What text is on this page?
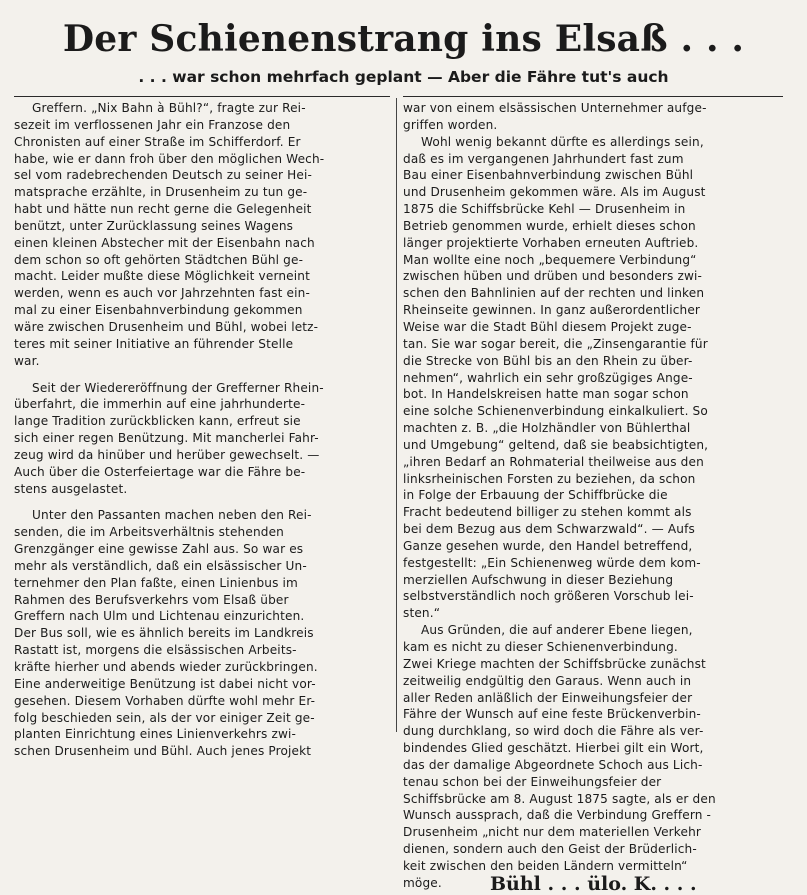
Der Schienenstrang ins Elsaß . . .
. . . war schon mehrfach geplant — Aber die Fähre tut's auch
Greffern. „Nix Bahn à Bühl?“, fragte zur Rei-
sezeit im verflossenen Jahr ein Franzose den
Chronisten auf einer Straße im Schifferdorf. Er
habe, wie er dann froh über den möglichen Wech-
sel vom radebrechenden Deutsch zu seiner Hei-
matsprache erzählte, in Drusenheim zu tun ge-
habt und hätte nun recht gerne die Gelegenheit
benützt, unter Zurücklassung seines Wagens
einen kleinen Abstecher mit der Eisenbahn nach
dem schon so oft gehörten Städtchen Bühl ge-
macht. Leider mußte diese Möglichkeit verneint
werden, wenn es auch vor Jahrzehnten fast ein-
mal zu einer Eisenbahnverbindung gekommen
wäre zwischen Drusenheim und Bühl, wobei letz-
teres mit seiner Initiative an führender Stelle
war.
Seit der Wiedereröffnung der Grefferner Rhein-
überfahrt, die immerhin auf eine jahrhunderte-
lange Tradition zurückblicken kann, erfreut sie
sich einer regen Benützung. Mit mancherlei Fahr-
zeug wird da hinüber und herüber gewechselt. —
Auch über die Osterfeiertage war die Fähre be-
stens ausgelastet.
Unter den Passanten machen neben den Rei-
senden, die im Arbeitsverhältnis stehenden
Grenzgänger eine gewisse Zahl aus. So war es
mehr als verständlich, daß ein elsässischer Un-
ternehmer den Plan faßte, einen Linienbus im
Rahmen des Berufsverkehrs vom Elsaß über
Greffern nach Ulm und Lichtenau einzurichten.
Der Bus soll, wie es ähnlich bereits im Landkreis
Rastatt ist, morgens die elsässischen Arbeits-
kräfte hierher und abends wieder zurückbringen.
Eine anderweitige Benützung ist dabei nicht vor-
gesehen. Diesem Vorhaben dürfte wohl mehr Er-
folg beschieden sein, als der vor einiger Zeit ge-
planten Einrichtung eines Linienverkehrs zwi-
schen Drusenheim und Bühl. Auch jenes Projekt
war von einem elsässischen Unternehmer aufge-
griffen worden.
Wohl wenig bekannt dürfte es allerdings sein,
daß es im vergangenen Jahrhundert fast zum
Bau einer Eisenbahnverbindung zwischen Bühl
und Drusenheim gekommen wäre. Als im August
1875 die Schiffsbrücke Kehl — Drusenheim in
Betrieb genommen wurde, erhielt dieses schon
länger projektierte Vorhaben erneuten Auftrieb.
Man wollte eine noch „bequemere Verbindung“
zwischen hüben und drüben und besonders zwi-
schen den Bahnlinien auf der rechten und linken
Rheinseite gewinnen. In ganz außerordentlicher
Weise war die Stadt Bühl diesem Projekt zuge-
tan. Sie war sogar bereit, die „Zinsengarantie für
die Strecke von Bühl bis an den Rhein zu über-
nehmen“, wahrlich ein sehr großzügiges Ange-
bot. In Handelskreisen hatte man sogar schon
eine solche Schienenverbindung einkalkuliert. So
machten z. B. „die Holzhändler von Bühlerthal
und Umgebung“ geltend, daß sie beabsichtigten,
„ihren Bedarf an Rohmaterial theilweise aus den
linksrheinischen Forsten zu beziehen, da schon
in Folge der Erbauung der Schiffbrücke die
Fracht bedeutend billiger zu stehen kommt als
bei dem Bezug aus dem Schwarzwald“. — Aufs
Ganze gesehen wurde, den Handel betreffend,
festgestellt: „Ein Schienenweg würde dem kom-
merziellen Aufschwung in dieser Beziehung
selbstverständlich noch größeren Vorschub lei-
sten.“
Aus Gründen, die auf anderer Ebene liegen,
kam es nicht zu dieser Schienenverbindung.
Zwei Kriege machten der Schiffsbrücke zunächst
zeitweilig endgültig den Garaus. Wenn auch in
aller Reden anläßlich der Einweihungsfeier der
Fähre der Wunsch auf eine feste Brückenverbin-
dung durchklang, so wird doch die Fähre als ver-
bindendes Glied geschätzt. Hierbei gilt ein Wort,
das der damalige Abgeordnete Schoch aus Lich-
tenau schon bei der Einweihungsfeier der
Schiffsbrücke am 8. August 1875 sagte, als er den
Wunsch aussprach, daß die Verbindung Greffern -
Drusenheim „nicht nur dem materiellen Verkehr
dienen, sondern auch den Geist der Brüderlich-
keit zwischen den beiden Ländern vermitteln“
möge.	Bühl . . . ülo. K. . . .
